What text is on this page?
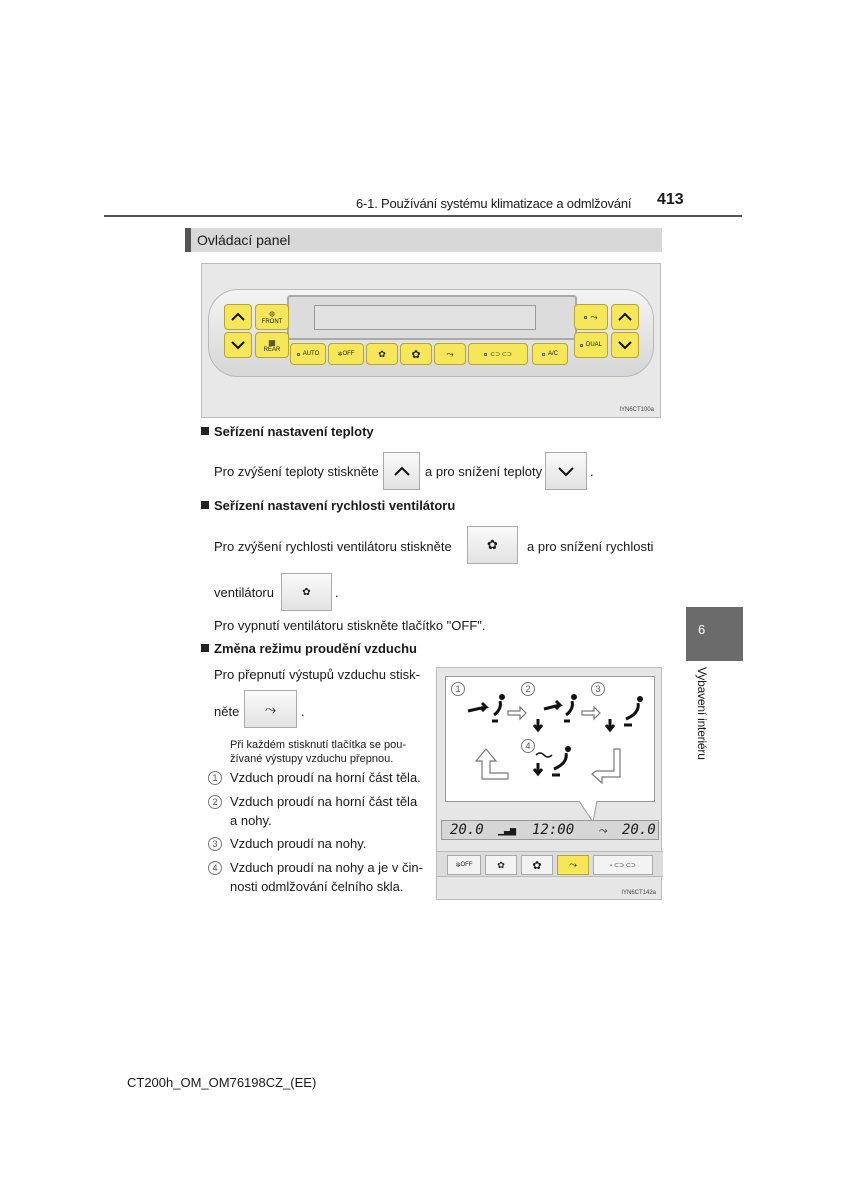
6-1. Používání systému klimatizace a odmlžování 413
Ovládací panel
❊
FRONT
▦
REAR
AUTO	✲ OFF	✿ ✿	⤳	⊂⊃ ⊂⊃	A/C
⤳
DUAL
IYN6CT100a
Seřízení nastavení teploty
Pro zvýšení teploty stiskněte	a pro snížení teploty	.
Seřízení nastavení rychlosti ventilátoru
Pro zvýšení rychlosti ventilátoru stiskněte	✿ a pro snížení rychlosti
ventilátoru	✿ .
Pro vypnutí ventilátoru stiskněte tlačítko "OFF".
Změna režimu proudění vzduchu
Pro přepnutí výstupů vzduchu stisk-
něte ⤳ .
Při každém stisknutí tlačítka se pou-
žívané výstupy vzduchu přepnou.
1 Vzduch proudí na horní část těla.
2 Vzduch proudí na horní část těla
a nohy.
3 Vzduch proudí na nohy.
4 Vzduch proudí na nohy a je v čin-
nosti odmlžování čelního skla.
1	2	3
4
20.0 ▁▃▅ 12:00 ⤳ 20.0
✲ OFF	✿	✿	⤳	▫ ⊂⊃ ⊂⊃
IYN6CT142a
6
Vybavení interiéru
CT200h_OM_OM76198CZ_(EE)
